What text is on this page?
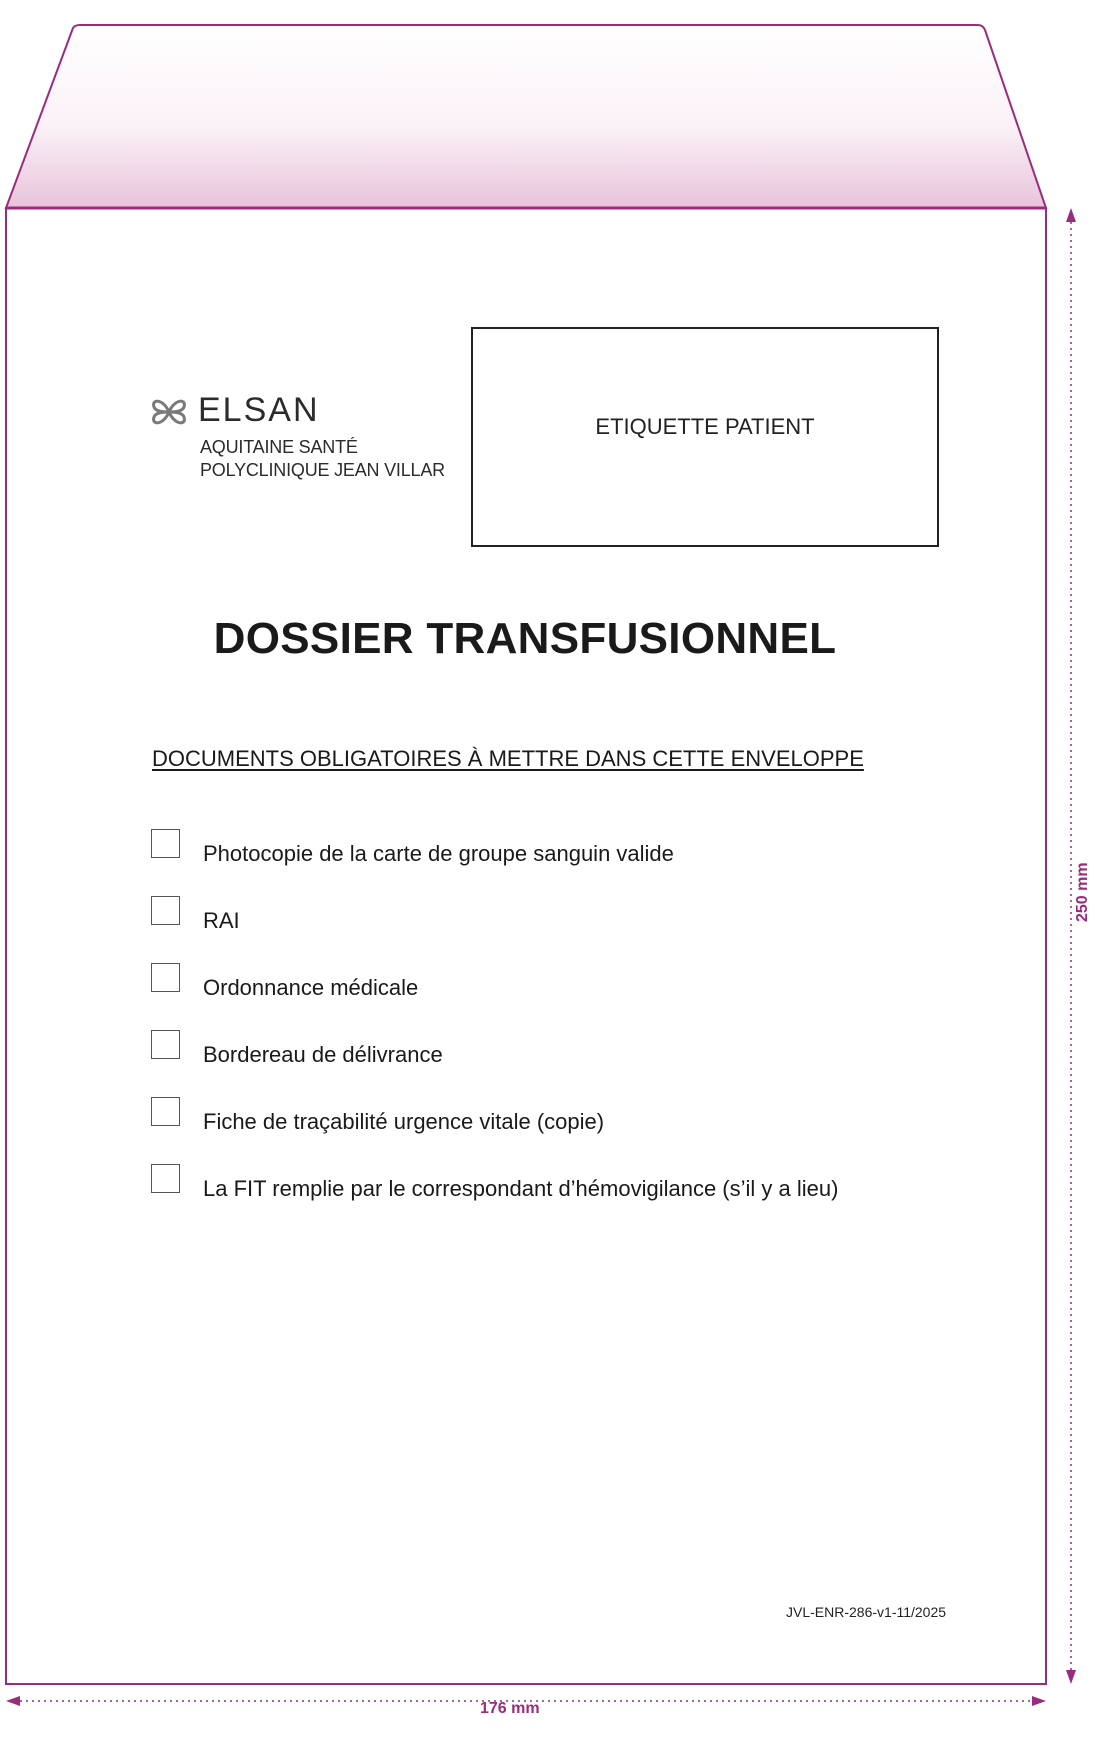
ELSAN
AQUITAINE SANTÉ
POLYCLINIQUE JEAN VILLAR
ETIQUETTE PATIENT
DOSSIER TRANSFUSIONNEL
DOCUMENTS OBLIGATOIRES À METTRE DANS CETTE ENVELOPPE
Photocopie de la carte de groupe sanguin valide
RAI
Ordonnance médicale
Bordereau de délivrance
Fiche de traçabilité urgence vitale (copie)
La FIT remplie par le correspondant d’hémovigilance (s’il y a lieu)
JVL-ENR-286-v1-11/2025
176 mm
250 mm
